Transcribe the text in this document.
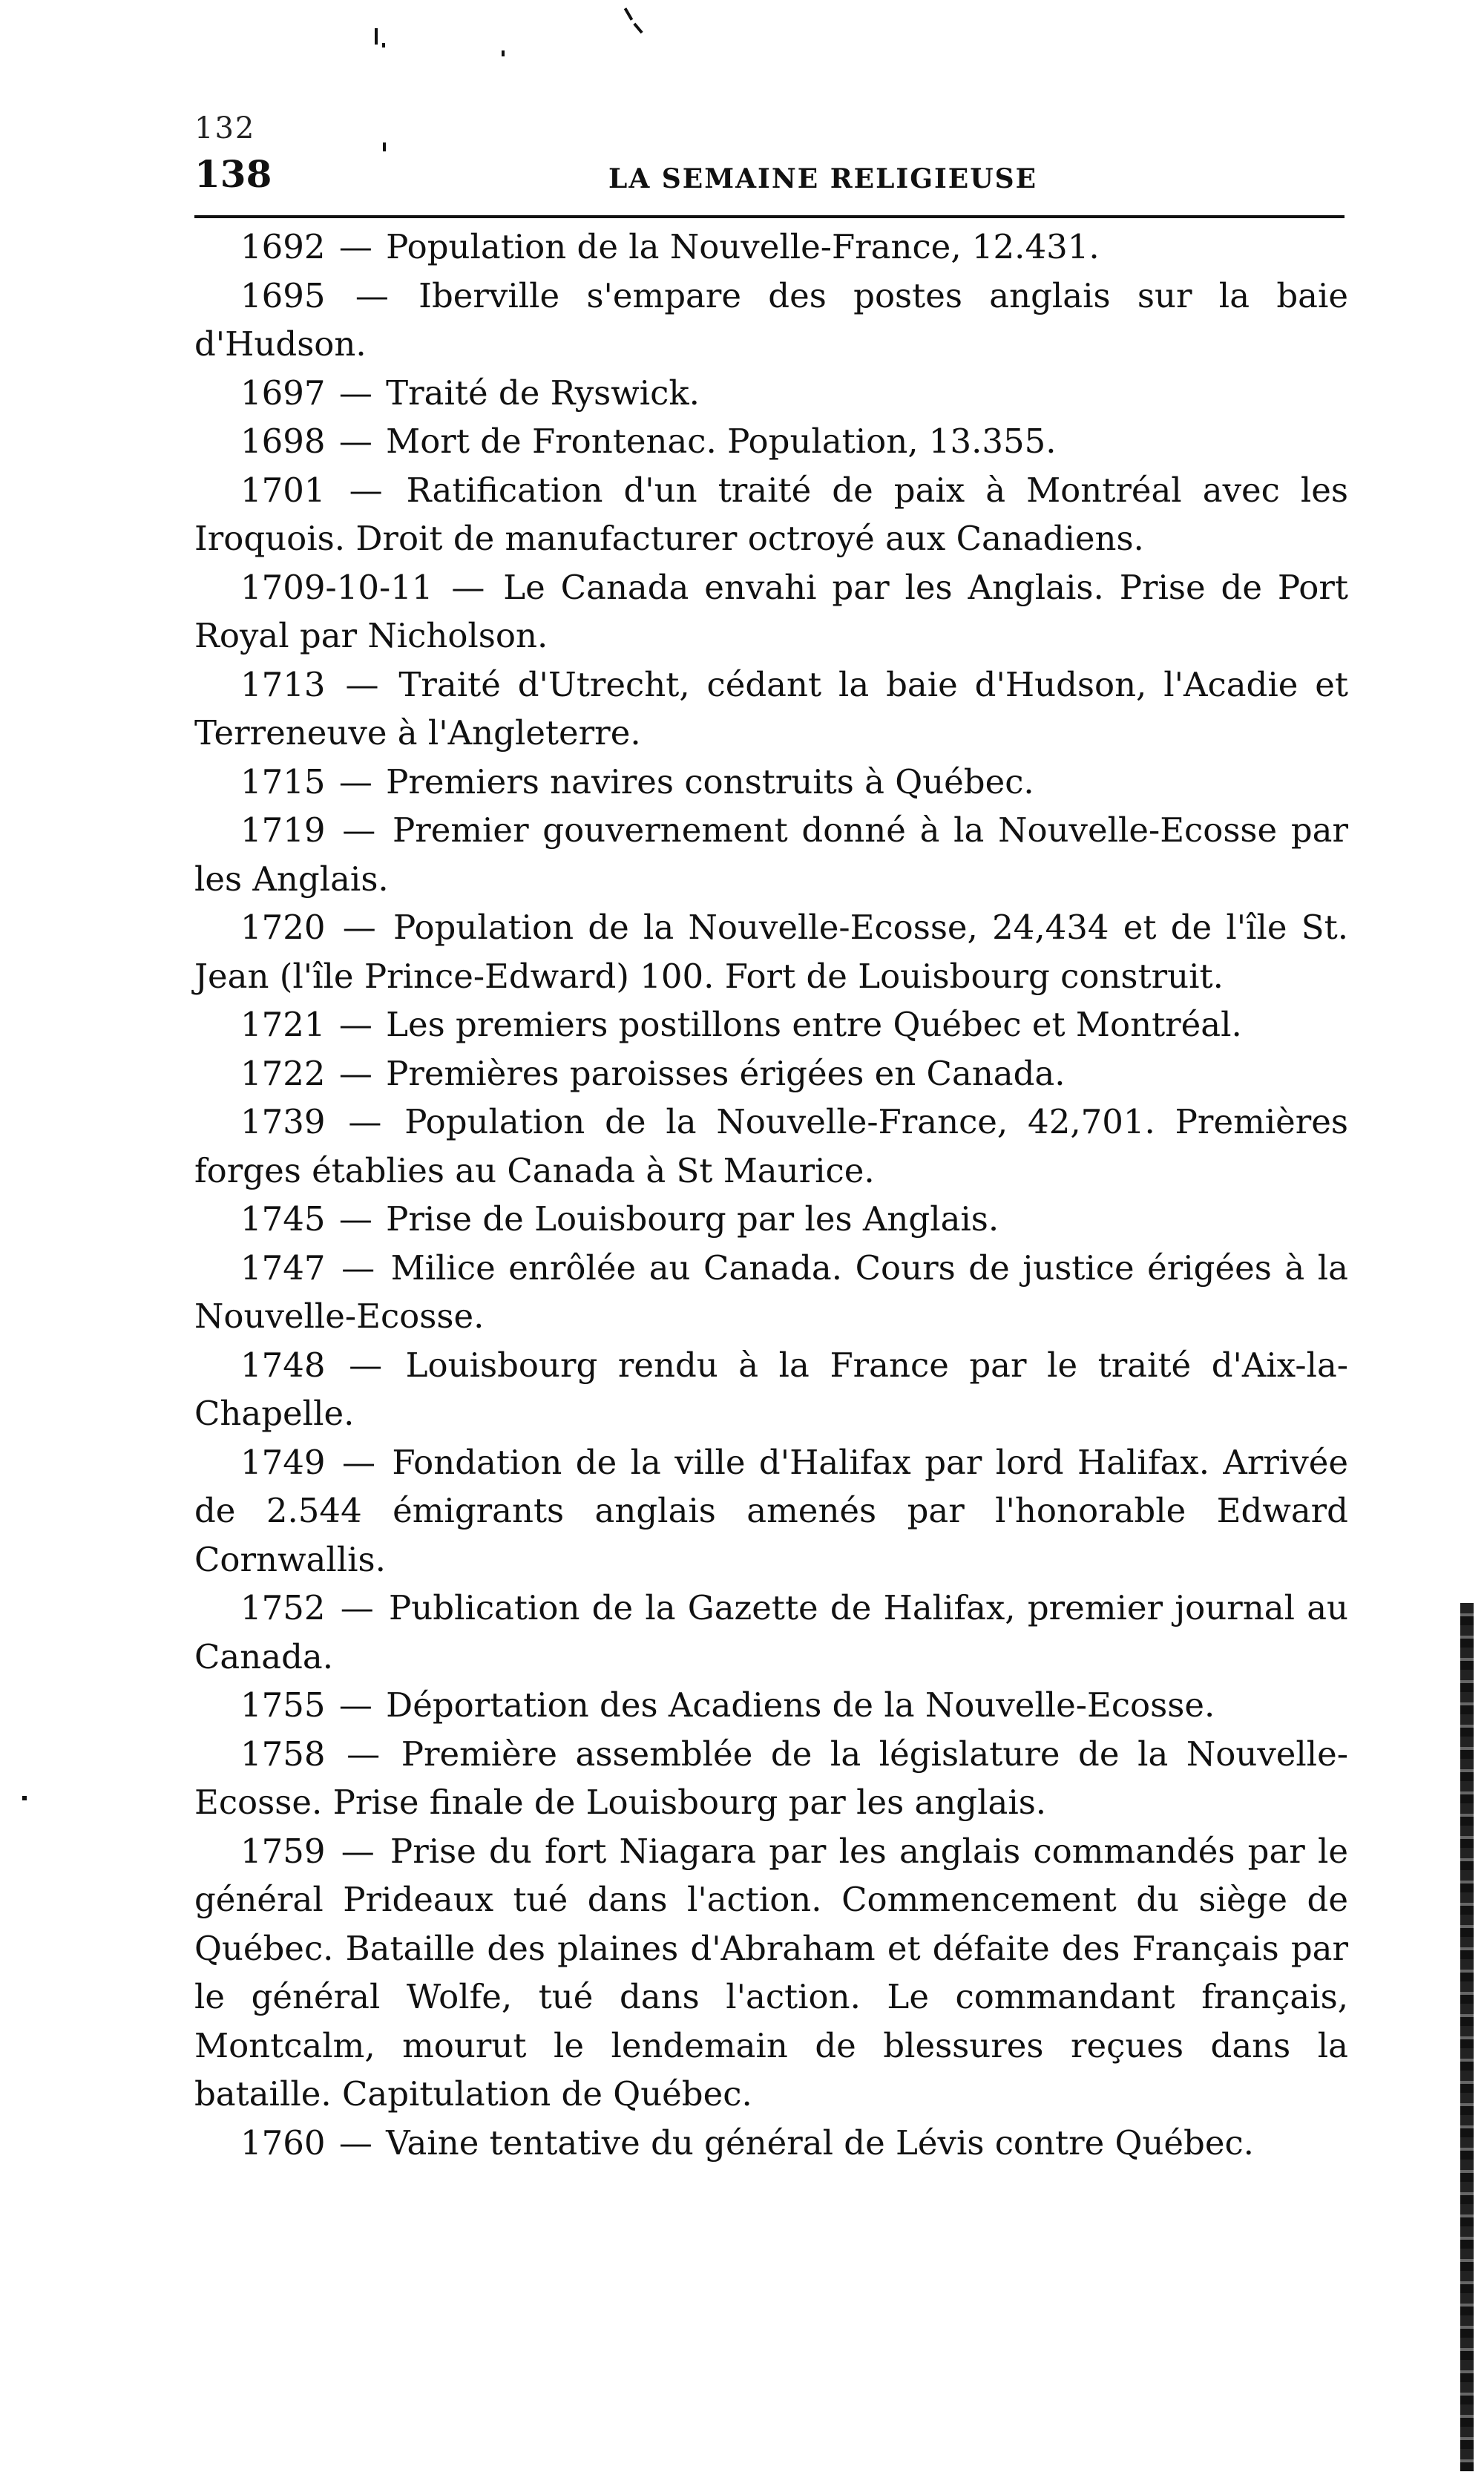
132
138	LA SEMAINE RELIGIEUSE

1692 — Population de la Nouvelle-France, 12.431.

1695 — Iberville s'empare des postes anglais sur la baie d'Hudson.

1697 — Traité de Ryswick.

1698 — Mort de Frontenac. Population, 13.355.

1701 — Ratification d'un traité de paix à Montréal avec les Iroquois. Droit de manufacturer octroyé aux Canadiens.

1709-10-11 — Le Canada envahi par les Anglais. Prise de Port Royal par Nicholson.

1713 — Traité d'Utrecht, cédant la baie d'Hudson, l'Acadie et Terreneuve à l'Angleterre.

1715 — Premiers navires construits à Québec.

1719 — Premier gouvernement donné à la Nouvelle-Ecosse par les Anglais.

1720 — Population de la Nouvelle-Ecosse, 24,434 et de l'île St. Jean (l'île Prince-Edward) 100. Fort de Louisbourg construit.

1721 — Les premiers postillons entre Québec et Montréal.

1722 — Premières paroisses érigées en Canada.

1739 — Population de la Nouvelle-France, 42,701. Premières forges établies au Canada à St Maurice.

1745 — Prise de Louisbourg par les Anglais.

1747 — Milice enrôlée au Canada. Cours de justice érigées à la Nouvelle-Ecosse.

1748 — Louisbourg rendu à la France par le traité d'Aix-la-Chapelle.

1749 — Fondation de la ville d'Halifax par lord Halifax. Arrivée de 2.544 émigrants anglais amenés par l'honorable Edward Cornwallis.

1752 — Publication de la Gazette de Halifax, premier journal au Canada.

1755 — Déportation des Acadiens de la Nouvelle-Ecosse.

1758 — Première assemblée de la législature de la Nouvelle-Ecosse. Prise finale de Louisbourg par les anglais.

1759 — Prise du fort Niagara par les anglais commandés par le général Prideaux tué dans l'action. Commencement du siège de Québec. Bataille des plaines d'Abraham et défaite des Français par le général Wolfe, tué dans l'action. Le commandant français, Montcalm, mourut le lendemain de blessures reçues dans la bataille. Capitulation de Québec.

1760 — Vaine tentative du général de Lévis contre Québec.
